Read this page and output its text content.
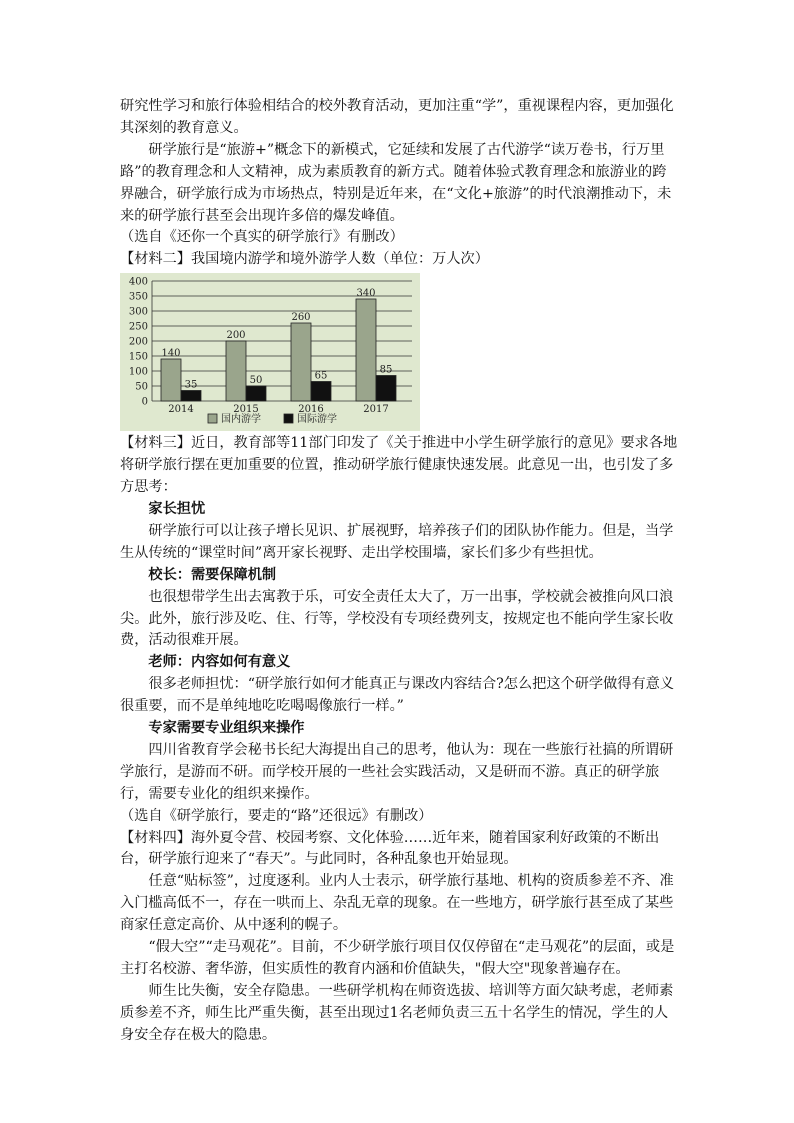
研究性学习和旅行体验相结合的校外教育活动，更加注重“学”，重视课程内容，更加强化其深刻的教育意义。

研学旅行是“旅游+”概念下的新模式，它延续和发展了古代游学“读万卷书，行万里路”的教育理念和人文精神，成为素质教育的新方式。随着体验式教育理念和旅游业的跨界融合，研学旅行成为市场热点，特别是近年来，在“文化+旅游”的时代浪潮推动下，未来的研学旅行甚至会出现许多倍的爆发峰值。

（选自《还你一个真实的研学旅行》有删改）

【材料二】我国境内游学和境外游学人数（单位：万人次）

0
50
100
150
200
250
300
350
400
140
35
2014
200
50
2015
260
65
2016
340
85
2017
国内游学	国际游学

【材料三】近日，教育部等11部门印发了《关于推进中小学生研学旅行的意见》要求各地将研学旅行摆在更加重要的位置，推动研学旅行健康快速发展。此意见一出，也引发了多方思考：

家长担忧

研学旅行可以让孩子增长见识、扩展视野，培养孩子们的团队协作能力。但是，当学生从传统的“课堂时间”离开家长视野、走出学校围墙，家长们多少有些担忧。

校长：需要保障机制

也很想带学生出去寓教于乐，可安全责任太大了，万一出事，学校就会被推向风口浪尖。此外，旅行涉及吃、住、行等，学校没有专项经费列支，按规定也不能向学生家长收费，活动很难开展。

老师：内容如何有意义

很多老师担忧：“研学旅行如何才能真正与课改内容结合?怎么把这个研学做得有意义很重要，而不是单纯地吃吃喝喝像旅行一样。”

专家需要专业组织来操作

四川省教育学会秘书长纪大海提出自己的思考，他认为：现在一些旅行社搞的所谓研学旅行，是游而不研。而学校开展的一些社会实践活动，又是研而不游。真正的研学旅行，需要专业化的组织来操作。

（选自《研学旅行，要走的“路”还很远》有删改）

【材料四】海外夏令营、校园考察、文化体验……近年来，随着国家利好政策的不断出台，研学旅行迎来了“春天”。与此同时，各种乱象也开始显现。

任意“贴标签”，过度逐利。业内人士表示，研学旅行基地、机构的资质参差不齐、准入门槛高低不一，存在一哄而上、杂乱无章的现象。在一些地方，研学旅行甚至成了某些商家任意定高价、从中逐利的幌子。

“假大空”“走马观花”。目前，不少研学旅行项目仅仅停留在“走马观花”的层面，或是主打名校游、奢华游，但实质性的教育内涵和价值缺失，"假大空"现象普遍存在。

师生比失衡，安全存隐患。一些研学机构在师资选拔、培训等方面欠缺考虑，老师素质参差不齐，师生比严重失衡，甚至出现过1名老师负责三五十名学生的情况，学生的人身安全存在极大的隐患。
